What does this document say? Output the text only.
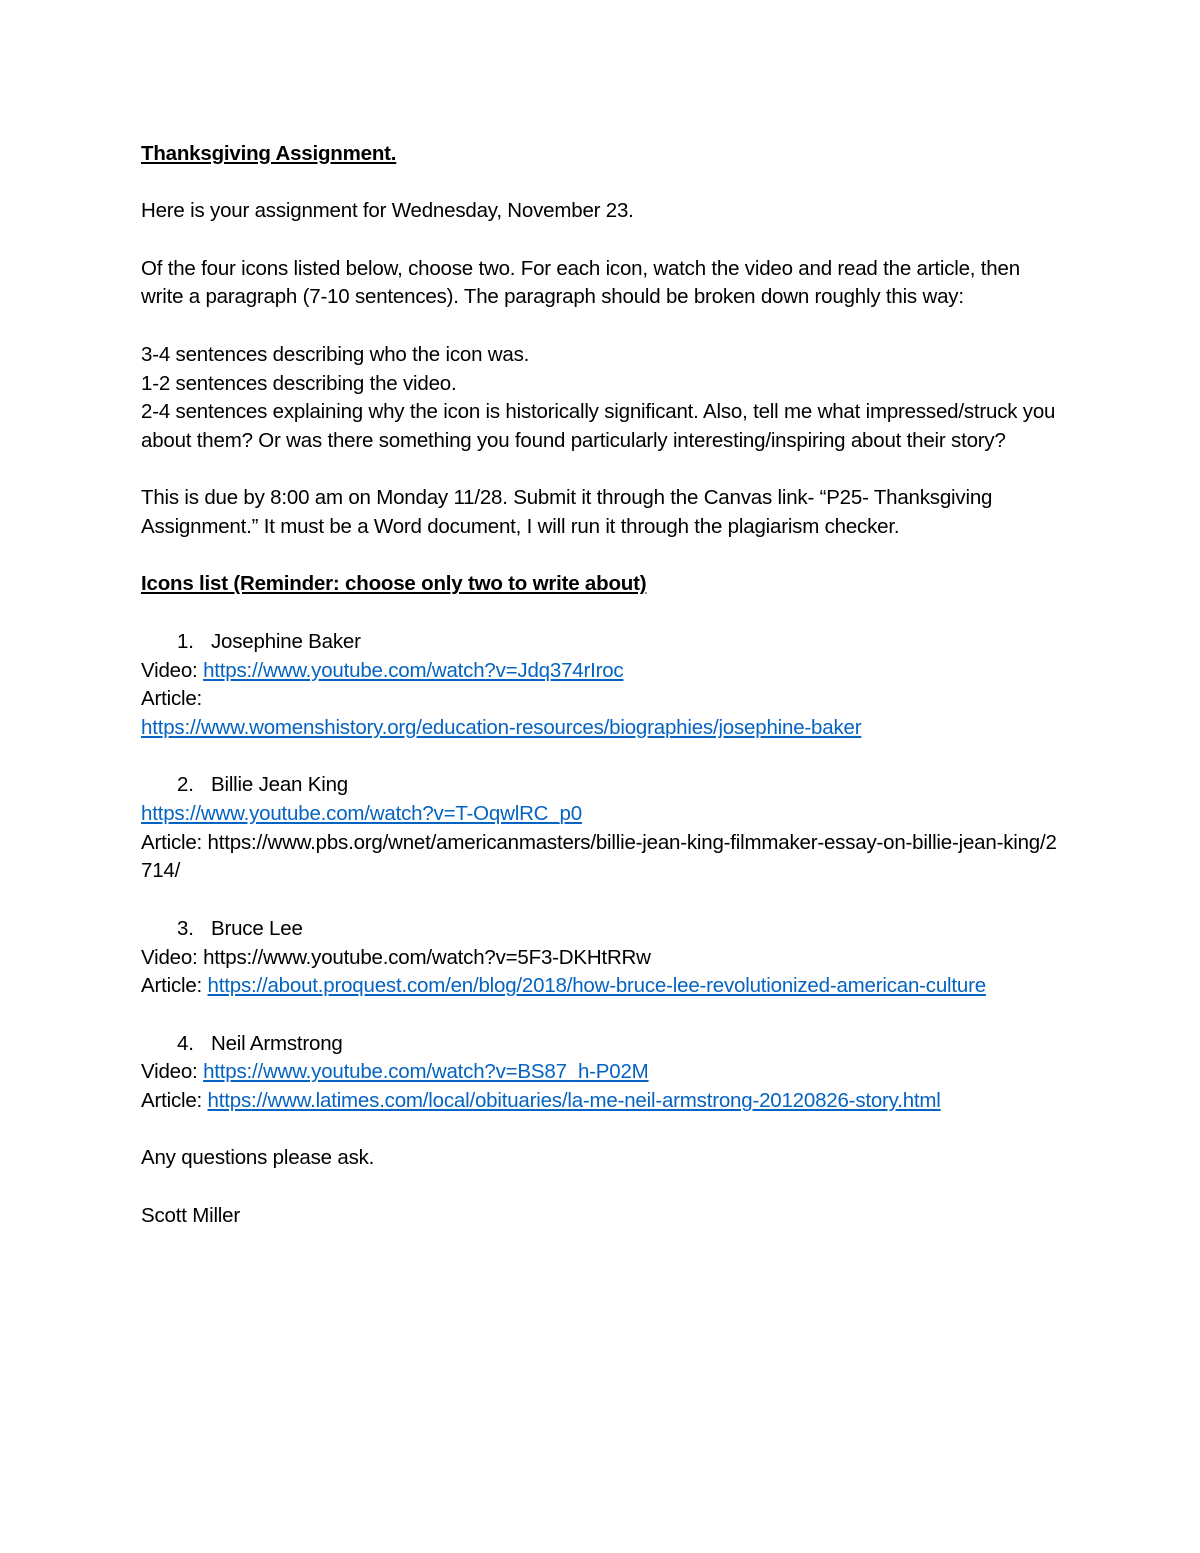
Thanksgiving Assignment.

Here is your assignment for Wednesday, November 23.

Of the four icons listed below, choose two. For each icon, watch the video and read the article, then write a paragraph (7-10 sentences). The paragraph should be broken down roughly this way:

3-4 sentences describing who the icon was.

1-2 sentences describing the video.

2-4 sentences explaining why the icon is historically significant. Also, tell me what impressed/struck you about them? Or was there something you found particularly interesting/inspiring about their story?

This is due by 8:00 am on Monday 11/28. Submit it through the Canvas link- “P25- Thanksgiving Assignment.” It must be a Word document, I will run it through the plagiarism checker.

Icons list (Reminder: choose only two to write about)

1. Josephine Baker

Video: https://www.youtube.com/watch?v=Jdq374rIroc

Article:

https://www.womenshistory.org/education-resources/biographies/josephine-baker

2. Billie Jean King

https://www.youtube.com/watch?v=T-OqwlRC_p0

Article: https://www.pbs.org/wnet/americanmasters/billie-jean-king-filmmaker-essay-on-billie-jean-king/2714/

3. Bruce Lee

Video: https://www.youtube.com/watch?v=5F3-DKHtRRw

Article: https://about.proquest.com/en/blog/2018/how-bruce-lee-revolutionized-american-culture

4. Neil Armstrong

Video: https://www.youtube.com/watch?v=BS87_h-P02M

Article: https://www.latimes.com/local/obituaries/la-me-neil-armstrong-20120826-story.html

Any questions please ask.

Scott Miller
